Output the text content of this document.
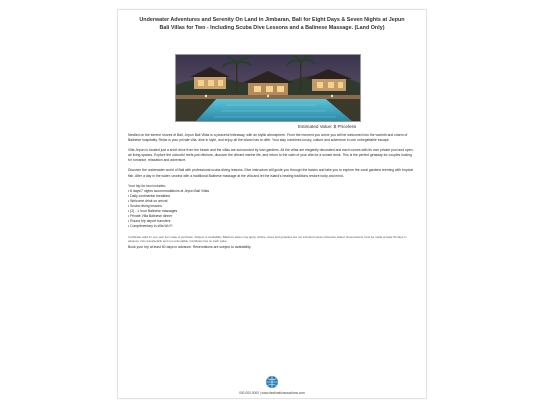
Underwater Adventures and Serenity On Land in Jimbaran, Bali for Eight Days & Seven Nights at Jepun Bali Villas for Two - Including Scuba Dive Lessons and a Balinese Massage. (Land Only)
Estimated Value: $ Priceless

Nestled on the serene shores of Bali, Jepun Bali Villas is a peaceful hideaway, with an idyllic atmosphere. From the moment you arrive you will be welcomed into the warmth and charm of Balinese hospitality. Relax in your private villa, dine in style, and enjoy all the island has to offer. Your stay combines luxury, culture and adventure in one unforgettable escape.

Villa Jepun is located just a short drive from the beach and the villas are surrounded by lush gardens. All the villas are elegantly decorated and each comes with its own private pool and open-air living spaces. Explore the colourful reefs just offshore, discover the vibrant marine life, and return to the calm of your villa for a sunset drink. This is the perfect getaway for couples looking for romance, relaxation and adventure.

Discover the underwater world of Bali with professional scuba diving lessons. Dive instructors will guide you through the basics and take you to explore the coral gardens teeming with tropical fish. After a day in the water, unwind with a traditional Balinese massage at the villa and let the island's healing traditions restore body and mind.

Your trip for two includes:
• 8 days/7 nights accommodations at Jepun Bali Villas
• Daily continental breakfast
• Welcome drink on arrival
• Scuba diving lessons
• (2) - 1 hour Balinese massages
• Private Villa Balinese dinner
• Round trip airport transfers
• Complimentary in-villa Wi-Fi
Certificate valid for one year from date of purchase. Subject to availability. Blackout dates may apply. Airfare, taxes and gratuities are not included unless otherwise stated. Reservations must be made at least 60 days in advance. Non-transferable and non-refundable. Certificate has no cash value.
Book your trip at least 60 days in advance. Reservations are subject to availability.
000-000-0000 | www.destinationsauctions.com
